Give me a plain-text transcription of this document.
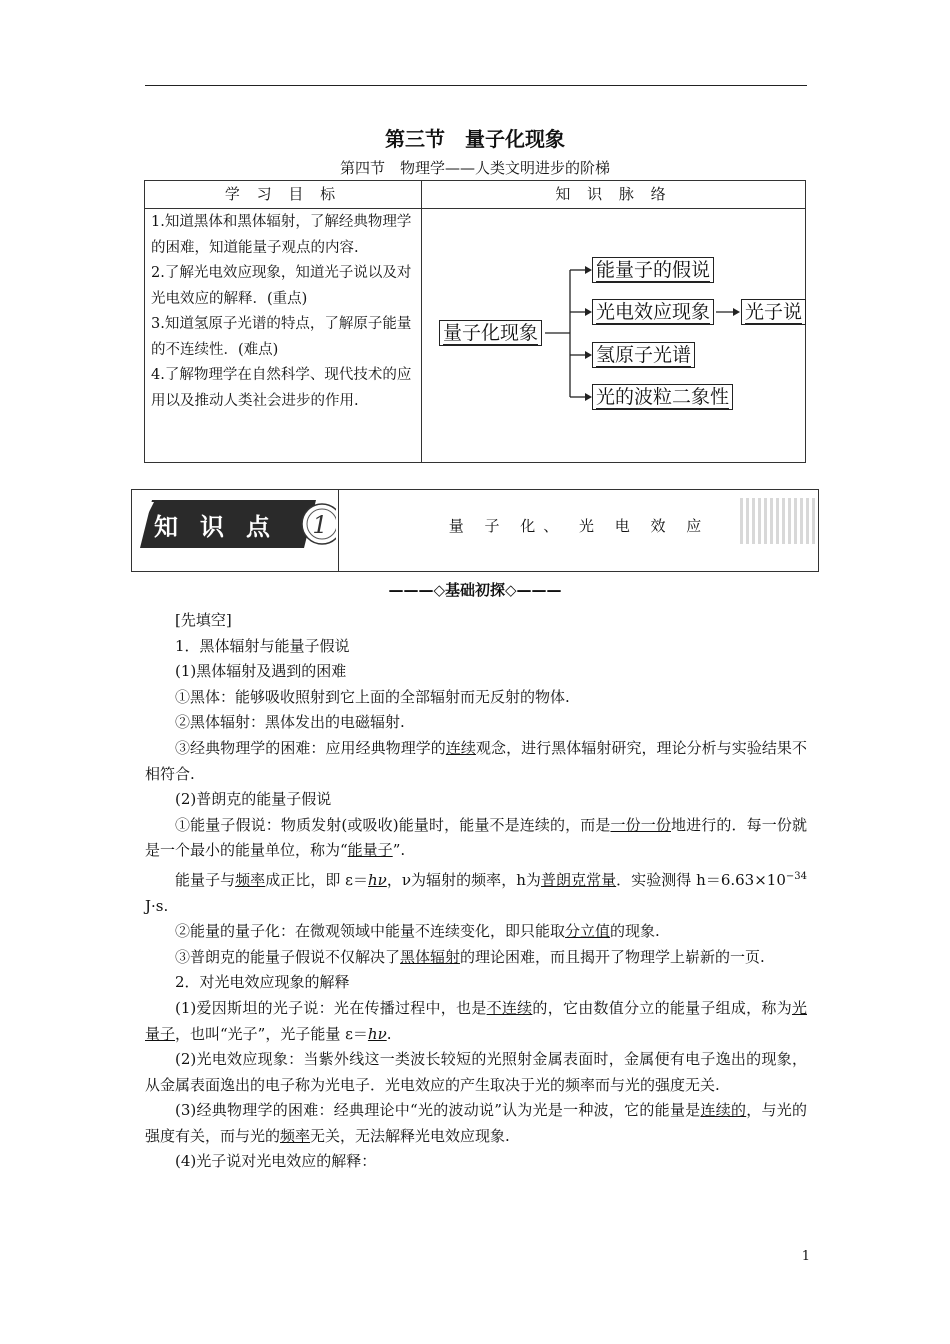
第三节　量子化现象
第四节　物理学——人类文明进步的阶梯
学 习 目 标	知 识 脉 络
1.知道黑体和黑体辐射，了解经典物理学的困难，知道能量子观点的内容.
2.了解光电效应现象，知道光子说以及对光电效应的解释．(重点)
3.知道氢原子光谱的特点，了解原子能量的不连续性．(难点)
4.了解物理学在自然科学、现代技术的应用以及推动人类社会进步的作用.
量子化现象
能量子的假说
光电效应现象 光子说
氢原子光谱
光的波粒二象性
1
知识点	量 子 化、 光 电 效 应
———◇基础初探◇———

[先填空]

1．黑体辐射与能量子假说

(1)黑体辐射及遇到的困难

①黑体：能够吸收照射到它上面的全部辐射而无反射的物体.

②黑体辐射：黑体发出的电磁辐射.

③经典物理学的困难：应用经典物理学的连续观念，进行黑体辐射研究，理论分析与实验结果不相符合.

(2)普朗克的能量子假说

①能量子假说：物质发射(或吸收)能量时，能量不是连续的，而是一份一份地进行的．每一份就是一个最小的能量单位，称为“能量子”.

能量子与频率成正比，即 ε＝hν，ν为辐射的频率，h为普朗克常量．实验测得 $h=6.63\times 10^{-34}$ J·s.

②能量的量子化：在微观领域中能量不连续变化，即只能取分立值的现象.

③普朗克的能量子假说不仅解决了黑体辐射的理论困难，而且揭开了物理学上崭新的一页.

2．对光电效应现象的解释

(1)爱因斯坦的光子说：光在传播过程中，也是不连续的，它由数值分立的能量子组成，称为光量子，也叫“光子”，光子能量 ε＝hν.

(2)光电效应现象：当紫外线这一类波长较短的光照射金属表面时，金属便有电子逸出的现象，从金属表面逸出的电子称为光电子．光电效应的产生取决于光的频率而与光的强度无关.

(3)经典物理学的困难：经典理论中“光的波动说”认为光是一种波，它的能量是连续的，与光的强度有关，而与光的频率无关，无法解释光电效应现象.

(4)光子说对光电效应的解释：

1
